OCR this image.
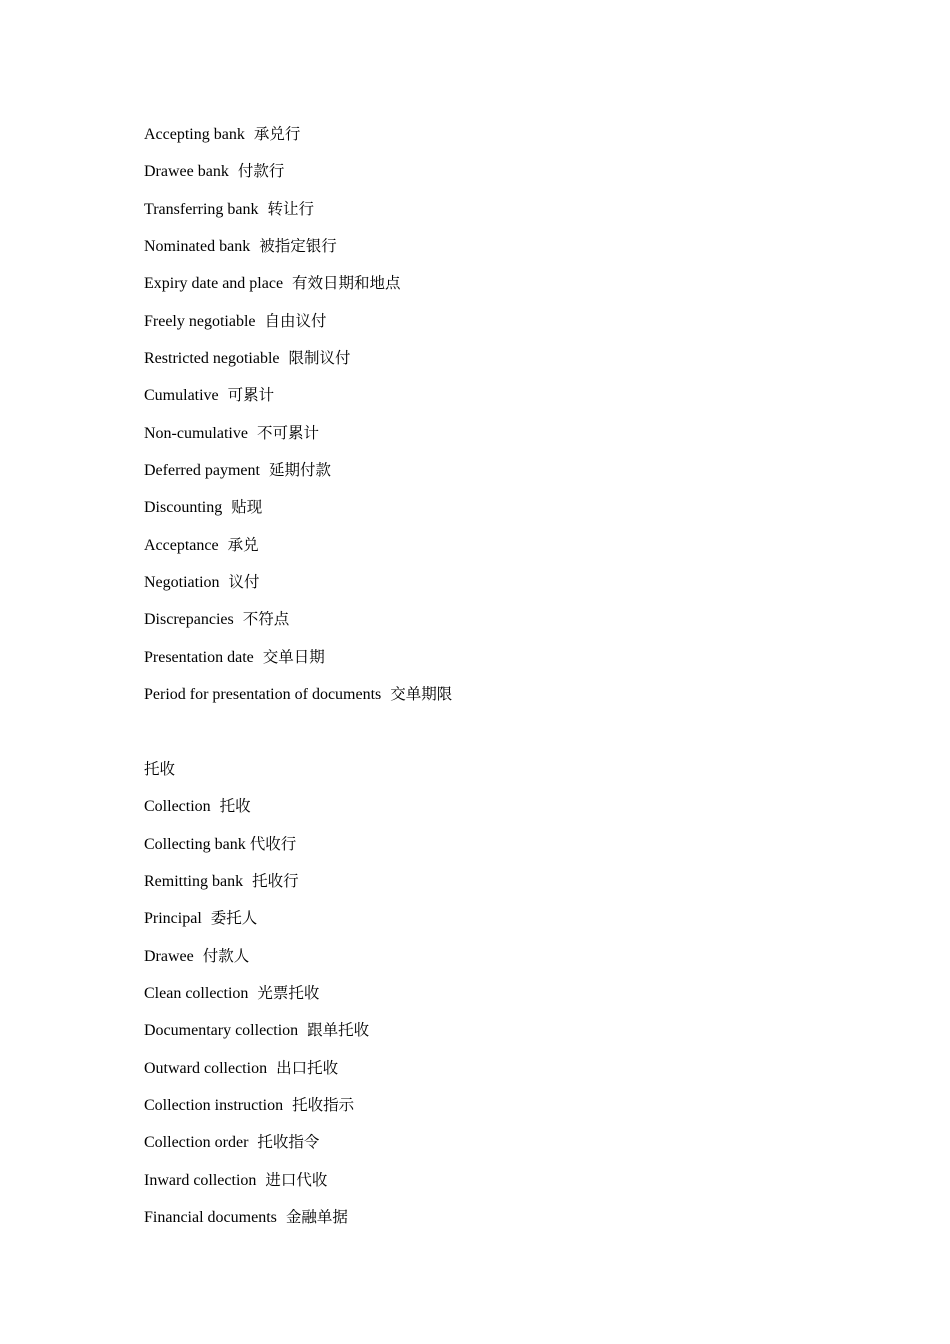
Accepting bank 承兑行
Drawee bank 付款行
Transferring bank 转让行
Nominated bank 被指定银行
Expiry date and place 有效日期和地点
Freely negotiable 自由议付
Restricted negotiable 限制议付
Cumulative 可累计
Non-cumulative 不可累计
Deferred payment 延期付款
Discounting 贴现
Acceptance 承兑
Negotiation 议付
Discrepancies 不符点
Presentation date 交单日期
Period for presentation of documents 交单期限
托收
Collection 托收
Collecting bank 代收行
Remitting bank 托收行
Principal 委托人
Drawee 付款人
Clean collection 光票托收
Documentary collection 跟单托收
Outward collection 出口托收
Collection instruction 托收指示
Collection order 托收指令
Inward collection 进口代收
Financial documents 金融单据
